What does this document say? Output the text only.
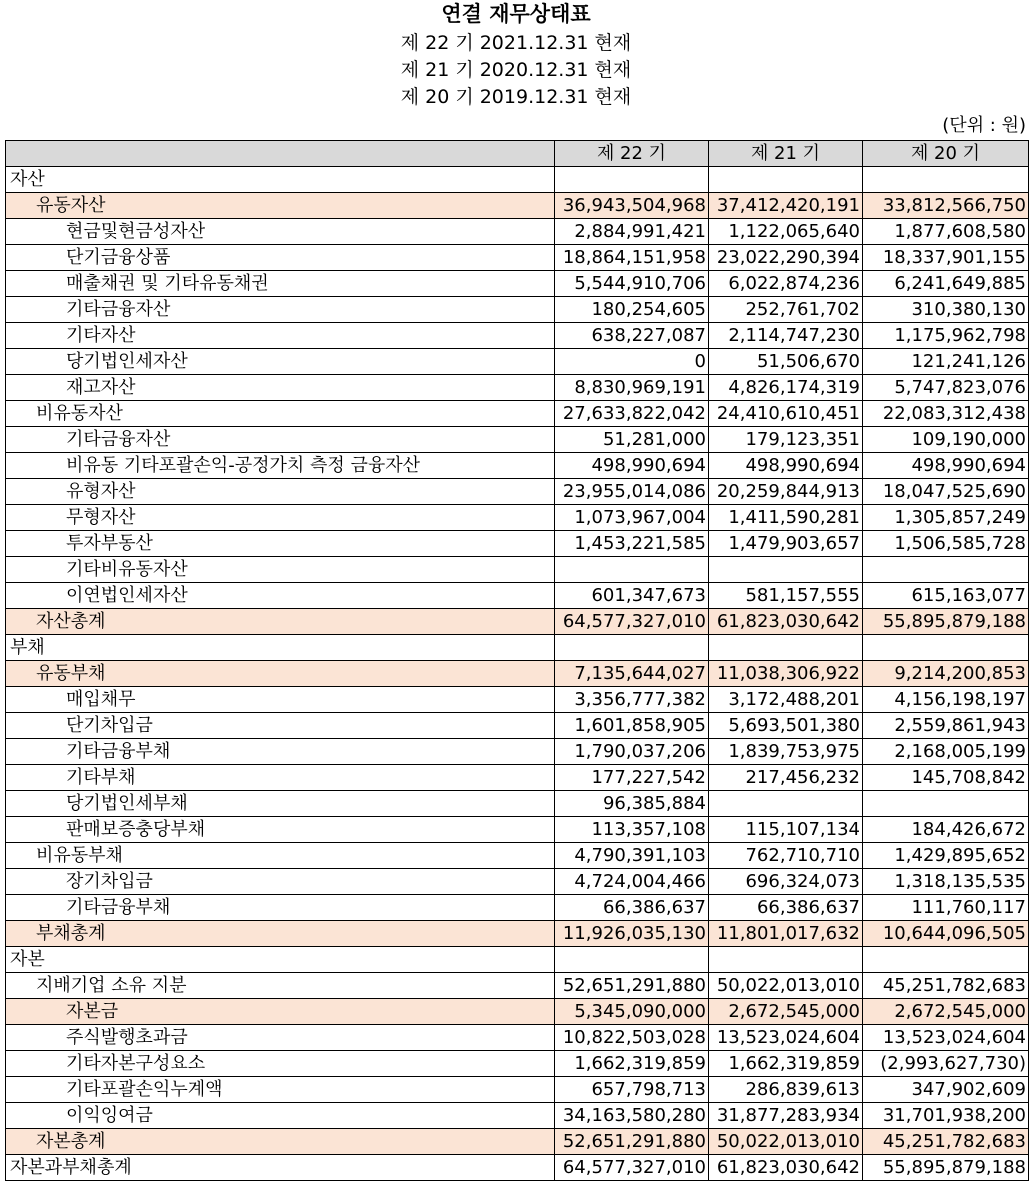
연결 재무상태표
제 22 기 2021.12.31 현재
제 21 기 2020.12.31 현재
제 20 기 2019.12.31 현재
(단위 : 원)
	제 22 기	제 21 기	제 20 기
자산			
유동자산	36,943,504,968	37,412,420,191	33,812,566,750
현금및현금성자산	2,884,991,421	1,122,065,640	1,877,608,580
단기금융상품	18,864,151,958	23,022,290,394	18,337,901,155
매출채권 및 기타유동채권	5,544,910,706	6,022,874,236	6,241,649,885
기타금융자산	180,254,605	252,761,702	310,380,130
기타자산	638,227,087	2,114,747,230	1,175,962,798
당기법인세자산	0	51,506,670	121,241,126
재고자산	8,830,969,191	4,826,174,319	5,747,823,076
비유동자산	27,633,822,042	24,410,610,451	22,083,312,438
기타금융자산	51,281,000	179,123,351	109,190,000
비유동 기타포괄손익-공정가치 측정 금융자산	498,990,694	498,990,694	498,990,694
유형자산	23,955,014,086	20,259,844,913	18,047,525,690
무형자산	1,073,967,004	1,411,590,281	1,305,857,249
투자부동산	1,453,221,585	1,479,903,657	1,506,585,728
기타비유동자산			
이연법인세자산	601,347,673	581,157,555	615,163,077
자산총계	64,577,327,010	61,823,030,642	55,895,879,188
부채			
유동부채	7,135,644,027	11,038,306,922	9,214,200,853
매입채무	3,356,777,382	3,172,488,201	4,156,198,197
단기차입금	1,601,858,905	5,693,501,380	2,559,861,943
기타금융부채	1,790,037,206	1,839,753,975	2,168,005,199
기타부채	177,227,542	217,456,232	145,708,842
당기법인세부채	96,385,884		
판매보증충당부채	113,357,108	115,107,134	184,426,672
비유동부채	4,790,391,103	762,710,710	1,429,895,652
장기차입금	4,724,004,466	696,324,073	1,318,135,535
기타금융부채	66,386,637	66,386,637	111,760,117
부채총계	11,926,035,130	11,801,017,632	10,644,096,505
자본			
지배기업 소유 지분	52,651,291,880	50,022,013,010	45,251,782,683
자본금	5,345,090,000	2,672,545,000	2,672,545,000
주식발행초과금	10,822,503,028	13,523,024,604	13,523,024,604
기타자본구성요소	1,662,319,859	1,662,319,859	(2,993,627,730)
기타포괄손익누계액	657,798,713	286,839,613	347,902,609
이익잉여금	34,163,580,280	31,877,283,934	31,701,938,200
자본총계	52,651,291,880	50,022,013,010	45,251,782,683
자본과부채총계	64,577,327,010	61,823,030,642	55,895,879,188
